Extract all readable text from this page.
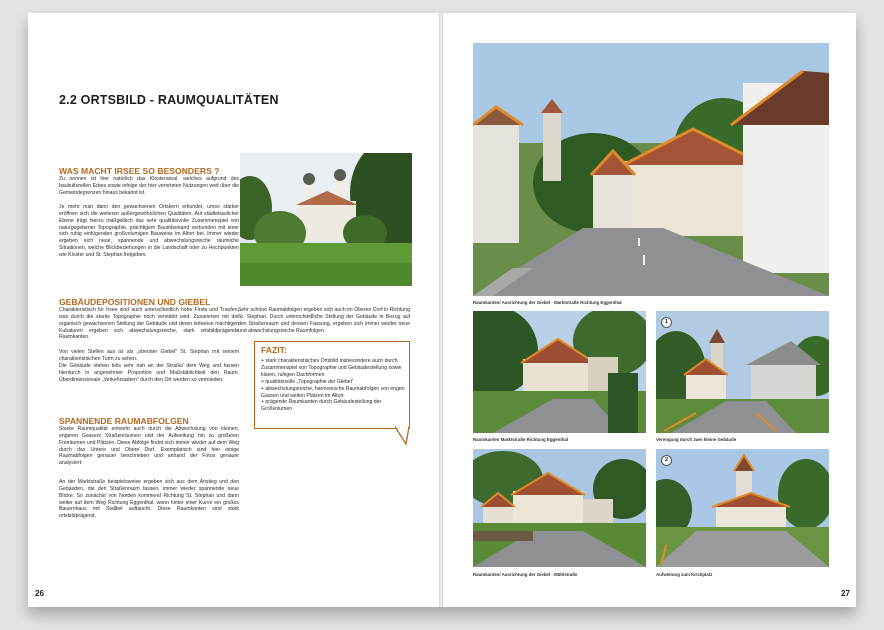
2.2 ORTSBILD - RAUMQUALITÄTEN
WAS MACHT IRSEE SO BESONDERS ?
Zu nennen ist hier natürlich das Klosterareal, welches aufgrund des baukulturellen Erbes sowie infolge der hier verorteten Nutzungen weit über die Gemeindegrenzen hinaus bekannt ist.
Je mehr man dann den gewachsenen Ortskern erkundet, umso stärker eröffnen sich die weiteren außergewöhnlichen Qualitäten. Auf städtebaulicher Ebene trägt hierzu maßgeblich das sehr qualitätsvolle Zusammenspiel von naturgegebener Topographie, prächtigem Baumbestand verbunden mit einer sich ruhig einfügenden großvolumigen Bauweise im Altort bei. Immer wieder ergeben sich neue, spannende und abwechslungsreiche räumliche Situationen, welche Blickbeziehungen in die Landschaft oder zu Hochpunkten wie Kloster und St. Stephan freigeben.
GEBÄUDEPOSITIONEN UND GIEBEL
Charakteristisch für Irsee sind auch unterschiedlich hohe Firste und Traufen, was durch die starke Topographie noch verstärkt wird. Zusammen mit der organisch gewachsenen Stellung der Gebäude und deren teilweise mächtigen Kubaturen ergeben sich abwechslungsreiche, stark ortsbildprägende Raumkanten.
Von vielen Stellen aus ist als „oberster Giebel“ St. Stephan mit seinem charakteristischen Turm zu sehen.
Die Gebäude stehen teils sehr nah an der Straße/ dem Weg und fassen hierdurch in angenehmer Proportion und Maßstäblichkeit den Raum. Überdimensionale „Verkehrsadern“ durch den Ort werden so vermieden.
SPANNENDE RAUMABFOLGEN
Starke Raumqualität entsteht auch durch die Abwechslung von kleinen, engeren Gassen/ Straßenräumen und der Aufweitung hin zu größeren Freiräumen und Plätzen. Diese Abfolge findet sich immer wieder auf dem Weg durch das Untere und Obere Dorf. Exemplarisch sind hier einige Raumabfolgen genauer beschrieben und anhand der Fotos genauer analysiert:
An der Marktstraße beispielsweise ergeben sich aus dem Anstieg und den Gebäuden, die den Straßenraum fassen, immer wieder spannende neue Blicke. So zunächst von Norden kommend Richtung St. Stephan und dann weiter auf dem Weg Richtung Eggenthal, wenn hinter einer Kurve ein großes Bauernhaus mit Stallteil auftaucht. Diese Raumkanten sind stark ortsbildprägend.
Sehr schöne Raumabfolgen ergeben sich auch im Oberen Dorf in Richtung St. Stephan. Durch unterschiedliche Stellung der Gebäude in Bezug auf den Straßenraum und dessen Fassung, ergeben sich immer wieder neue und abwechslungsreiche Raumfolgen.
FAZIT:
+ stark charakteristisches Ortsbild insbesondere auch durch Zusammenspiel von Topographie und Gebäudestellung sowie klaren, ruhigen Dachformen
> qualitätsvolle „Topographie der Giebel“
+ abwechslungsreiche, harmonische Raumabfolgen von engen Gassen und weiten Plätzen im Altort
+ prägende Raumkanten durch Gebäudestellung der Großvolumen
26
Raumkanten/ Ausrichtung der Giebel - Marktstraße Richtung Eggenthal
Raumkanten Marktstraße Richtung Eggenthal
1
Verengung durch zwei kleine Gebäude
Raumkanten/ Ausrichtung der Giebel - Mühlstraße
2
Aufweitung zum Kirchplatz
27
